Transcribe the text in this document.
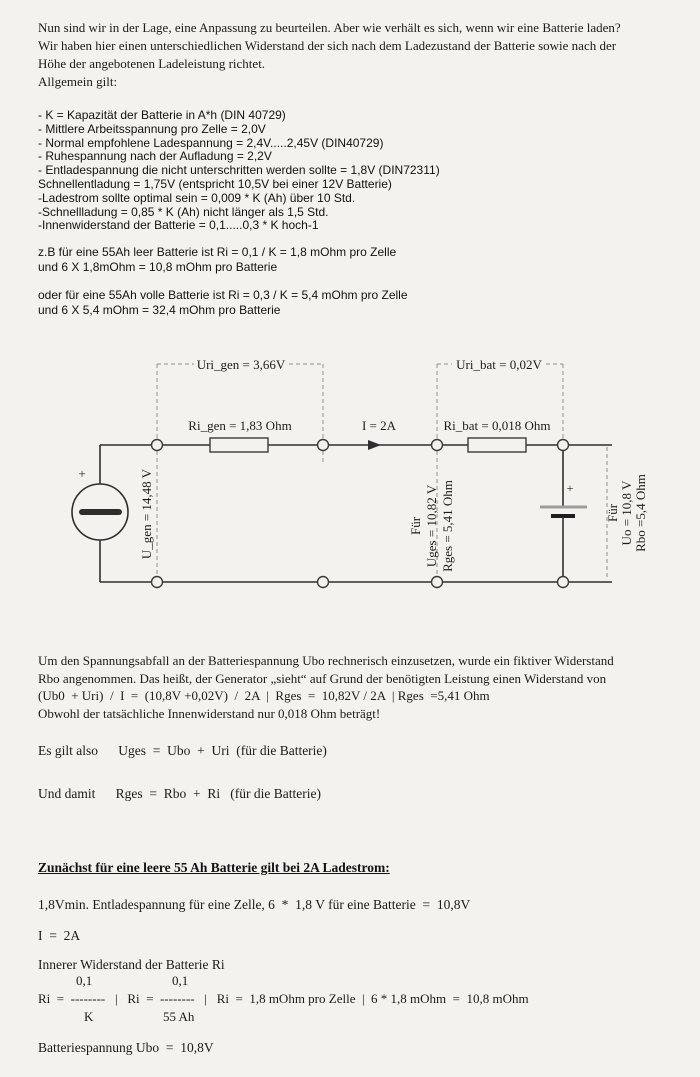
Nun sind wir in der Lage, eine Anpassung zu beurteilen. Aber wie verhält es sich, wenn wir eine Batterie laden?
Wir haben hier einen unterschiedlichen Widerstand der sich nach dem Ladezustand der Batterie sowie nach der
Höhe der angebotenen Ladeleistung richtet.
Allgemein gilt:
- K = Kapazität der Batterie in A*h (DIN 40729)
- Mittlere Arbeitsspannung pro Zelle = 2,0V
- Normal empfohlene Ladespannung = 2,4V.....2,45V (DIN40729)
- Ruhespannung nach der Aufladung = 2,2V
- Entladespannung die nicht unterschritten werden sollte = 1,8V (DIN72311)
Schnellentladung = 1,75V (entspricht 10,5V bei einer 12V Batterie)
-Ladestrom sollte optimal sein = 0,009 * K (Ah) über 10 Std.
-Schnellladung = 0,85 * K (Ah) nicht länger als 1,5 Std.
-Innenwiderstand der Batterie = 0,1.....0,3 * K hoch-1
z.B für eine 55Ah leer Batterie ist Ri = 0,1 / K = 1,8 mOhm pro Zelle
und 6 X 1,8mOhm = 10,8 mOhm pro Batterie
oder für eine 55Ah volle Batterie ist Ri = 0,3 / K = 5,4 mOhm pro Zelle
und 6 X 5,4 mOhm = 32,4 mOhm pro Batterie
+
+
Uri_gen = 3,66V	Uri_bat = 0,02V
Ri_gen = 1,83 Ohm	I = 2A	Ri_bat = 0,018 Ohm
U_gen = 14,48 V	Für Uges = 10,82 V Rges = 5,41 Ohm	Für Uo = 10,8 V Rbo =5,4 Ohm
Um den Spannungsabfall an der Batteriespannung Ubo rechnerisch einzusetzen, wurde ein fiktiver Widerstand
Rbo angenommen. Das heißt, der Generator „sieht“ auf Grund der benötigten Leistung einen Widerstand von
(Ub0  + Uri)  /  I  =  (10,8V +0,02V)  /  2A  |  Rges  =  10,82V / 2A  | Rges  =5,41 Ohm
Obwohl der tatsächliche Innenwiderstand nur 0,018 Ohm beträgt!
Es gilt also      Uges  =  Ubo  +  Uri  (für die Batterie)
Und damit      Rges  =  Rbo  +  Ri   (für die Batterie)
Zunächst für eine leere 55 Ah Batterie gilt bei 2A Ladestrom:
1,8Vmin. Entladespannung für eine Zelle, 6  *  1,8 V für eine Batterie  =  10,8V
I  =  2A
Innerer Widerstand der Batterie Ri
0,1	0,1
Ri  =  --------   |   Ri  =  --------   |   Ri  =  1,8 mOhm pro Zelle  |  6 * 1,8 mOhm  =  10,8 mOhm
K	55 Ah
Batteriespannung Ubo  =  10,8V
